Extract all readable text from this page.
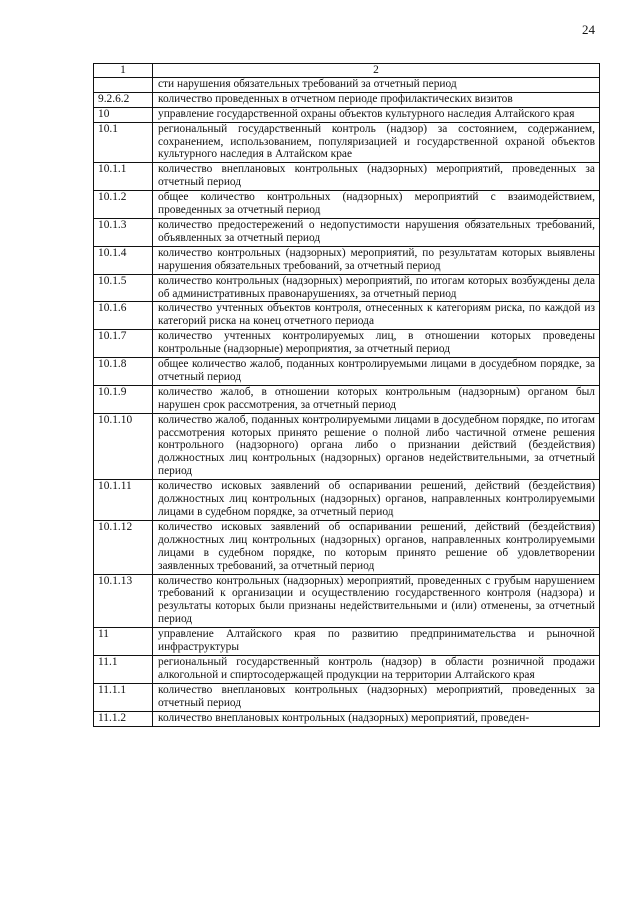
24
1	2
	сти нарушения обязательных требований за отчетный период
9.2.6.2	количество проведенных в отчетном периоде профилактических визитов
10	управление государственной охраны объектов культурного наследия Алтайского края
10.1	региональный государственный контроль (надзор) за состоянием, содержанием, сохранением, использованием, популяризацией и государственной охраной объектов культурного наследия в Алтайском крае
10.1.1	количество внеплановых контрольных (надзорных) мероприятий, проведенных за отчетный период
10.1.2	общее количество контрольных (надзорных) мероприятий с взаимодействием, проведенных за отчетный период
10.1.3	количество предостережений о недопустимости нарушения обязательных требований, объявленных за отчетный период
10.1.4	количество контрольных (надзорных) мероприятий, по результатам которых выявлены нарушения обязательных требований, за отчетный период
10.1.5	количество контрольных (надзорных) мероприятий, по итогам которых возбуждены дела об административных правонарушениях, за отчетный период
10.1.6	количество учтенных объектов контроля, отнесенных к категориям риска, по каждой из категорий риска на конец отчетного периода
10.1.7	количество учтенных контролируемых лиц, в отношении которых проведены контрольные (надзорные) мероприятия, за отчетный период
10.1.8	общее количество жалоб, поданных контролируемыми лицами в досудебном порядке, за отчетный период
10.1.9	количество жалоб, в отношении которых контрольным (надзорным) органом был нарушен срок рассмотрения, за отчетный период
10.1.10	количество жалоб, поданных контролируемыми лицами в досудебном порядке, по итогам рассмотрения которых принято решение о полной либо частичной отмене решения контрольного (надзорного) органа либо о признании действий (бездействия) должностных лиц контрольных (надзорных) органов недействительными, за отчетный период
10.1.11	количество исковых заявлений об оспаривании решений, действий (бездействия) должностных лиц контрольных (надзорных) органов, направленных контролируемыми лицами в судебном порядке, за отчетный период
10.1.12	количество исковых заявлений об оспаривании решений, действий (бездействия) должностных лиц контрольных (надзорных) органов, направленных контролируемыми лицами в судебном порядке, по которым принято решение об удовлетворении заявленных требований, за отчетный период
10.1.13	количество контрольных (надзорных) мероприятий, проведенных с грубым нарушением требований к организации и осуществлению государственного контроля (надзора) и результаты которых были признаны недействительными и (или) отменены, за отчетный период
11	управление Алтайского края по развитию предпринимательства и рыночной инфраструктуры
11.1	региональный государственный контроль (надзор) в области розничной продажи алкогольной и спиртосодержащей продукции на территории Алтайского края
11.1.1	количество внеплановых контрольных (надзорных) мероприятий, проведенных за отчетный период
11.1.2	количество внеплановых контрольных (надзорных) мероприятий, проведен-
